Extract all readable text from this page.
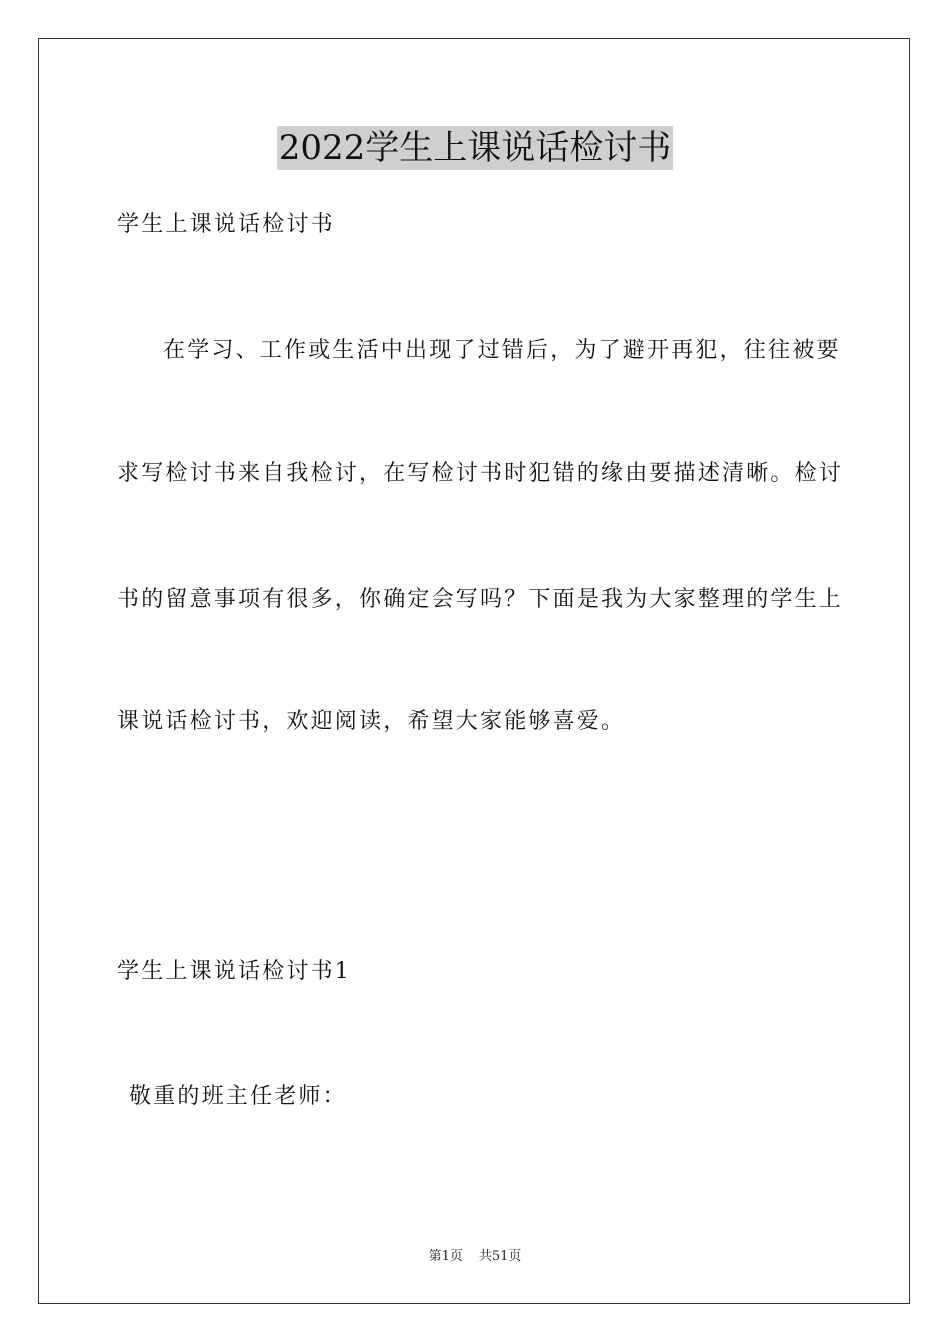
2022学生上课说话检讨书
学生上课说话检讨书
在学习、工作或生活中出现了过错后，为了避开再犯，往往被要
求写检讨书来自我检讨，在写检讨书时犯错的缘由要描述清晰。检讨
书的留意事项有很多，你确定会写吗？下面是我为大家整理的学生上
课说话检讨书，欢迎阅读，希望大家能够喜爱。
学生上课说话检讨书1
敬重的班主任老师：
第1页 共51页
